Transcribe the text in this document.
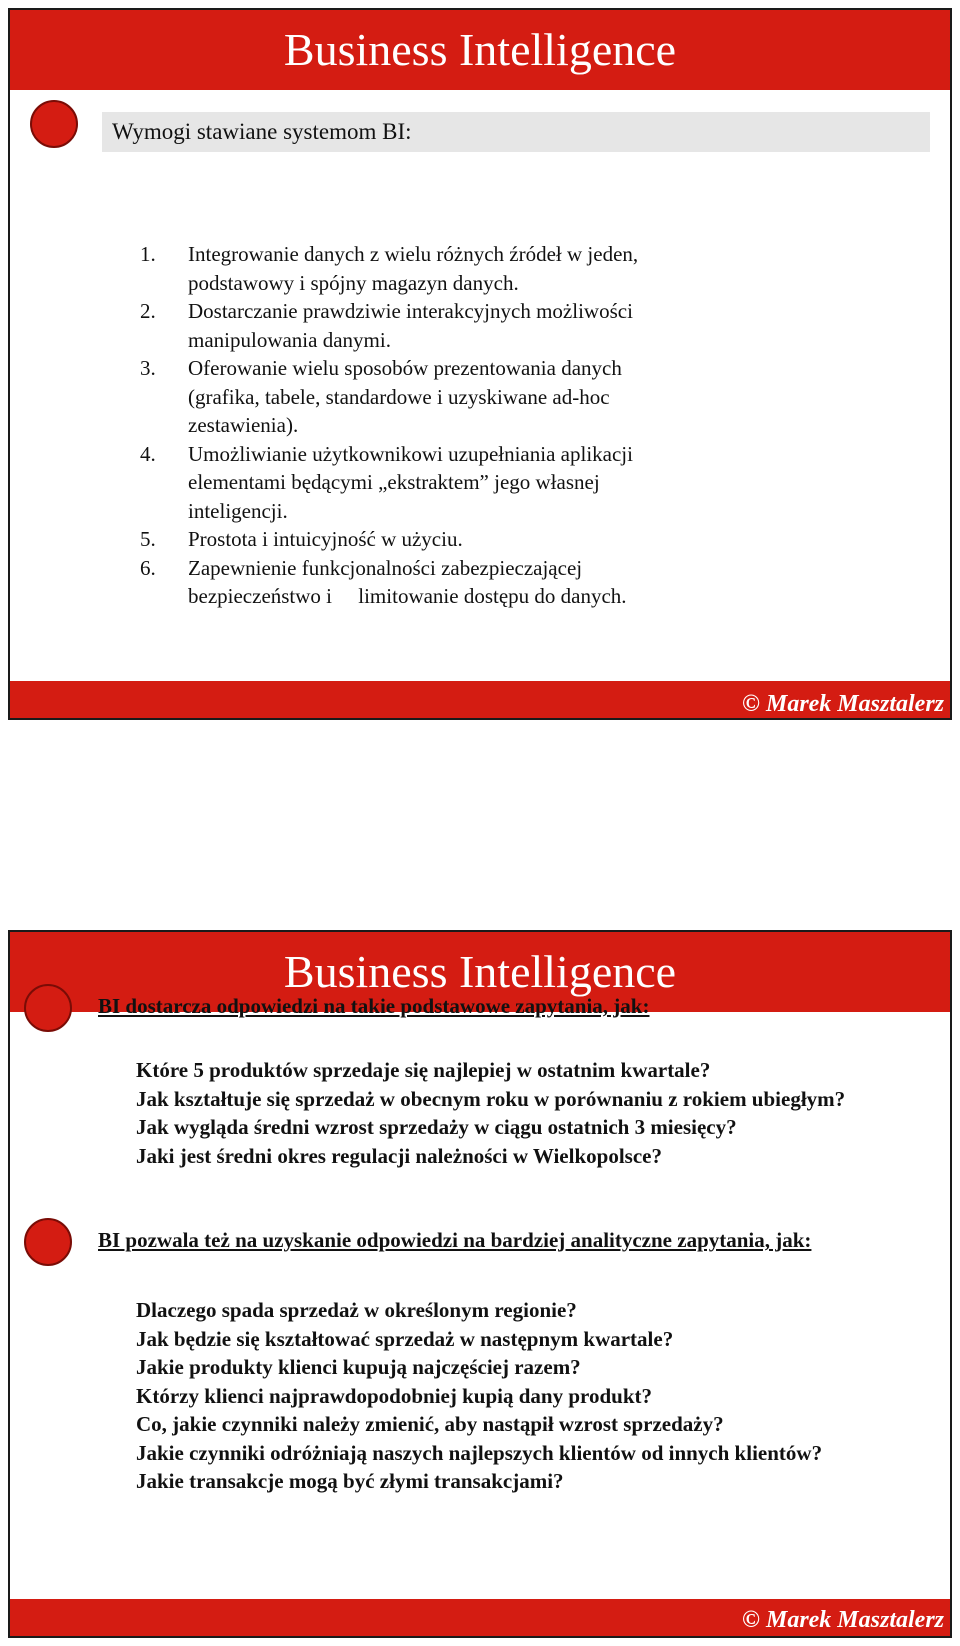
Business Intelligence
Wymogi stawiane systemom BI:
1.	Integrowanie danych z wielu różnych źródeł w jeden,
podstawowy i spójny magazyn danych.
2.	Dostarczanie prawdziwie interakcyjnych możliwości
manipulowania danymi.
3.	Oferowanie wielu sposobów prezentowania danych
(grafika, tabele, standardowe i uzyskiwane ad-hoc
zestawienia).
4.	Umożliwianie użytkownikowi uzupełniania aplikacji
elementami będącymi „ekstraktem” jego własnej
inteligencji.
5.	Prostota i intuicyjność w użyciu.
6.	Zapewnienie funkcjonalności zabezpieczającej
bezpieczeństwo i     limitowanie dostępu do danych.
© Marek Masztalerz
Business Intelligence
BI dostarcza odpowiedzi na takie podstawowe zapytania, jak:
Które 5 produktów sprzedaje się najlepiej w ostatnim kwartale?
Jak kształtuje się sprzedaż w obecnym roku w porównaniu z rokiem ubiegłym?
Jak wygląda średni wzrost sprzedaży w ciągu ostatnich 3 miesięcy?
Jaki jest średni okres regulacji należności w Wielkopolsce?
BI pozwala też na uzyskanie odpowiedzi na bardziej analityczne zapytania, jak:
Dlaczego spada sprzedaż w określonym regionie?
Jak będzie się kształtować sprzedaż w następnym kwartale?
Jakie produkty klienci kupują najczęściej razem?
Którzy klienci najprawdopodobniej kupią dany produkt?
Co, jakie czynniki należy zmienić, aby nastąpił wzrost sprzedaży?
Jakie czynniki odróżniają naszych najlepszych klientów od innych klientów?
Jakie transakcje mogą być złymi transakcjami?
© Marek Masztalerz
